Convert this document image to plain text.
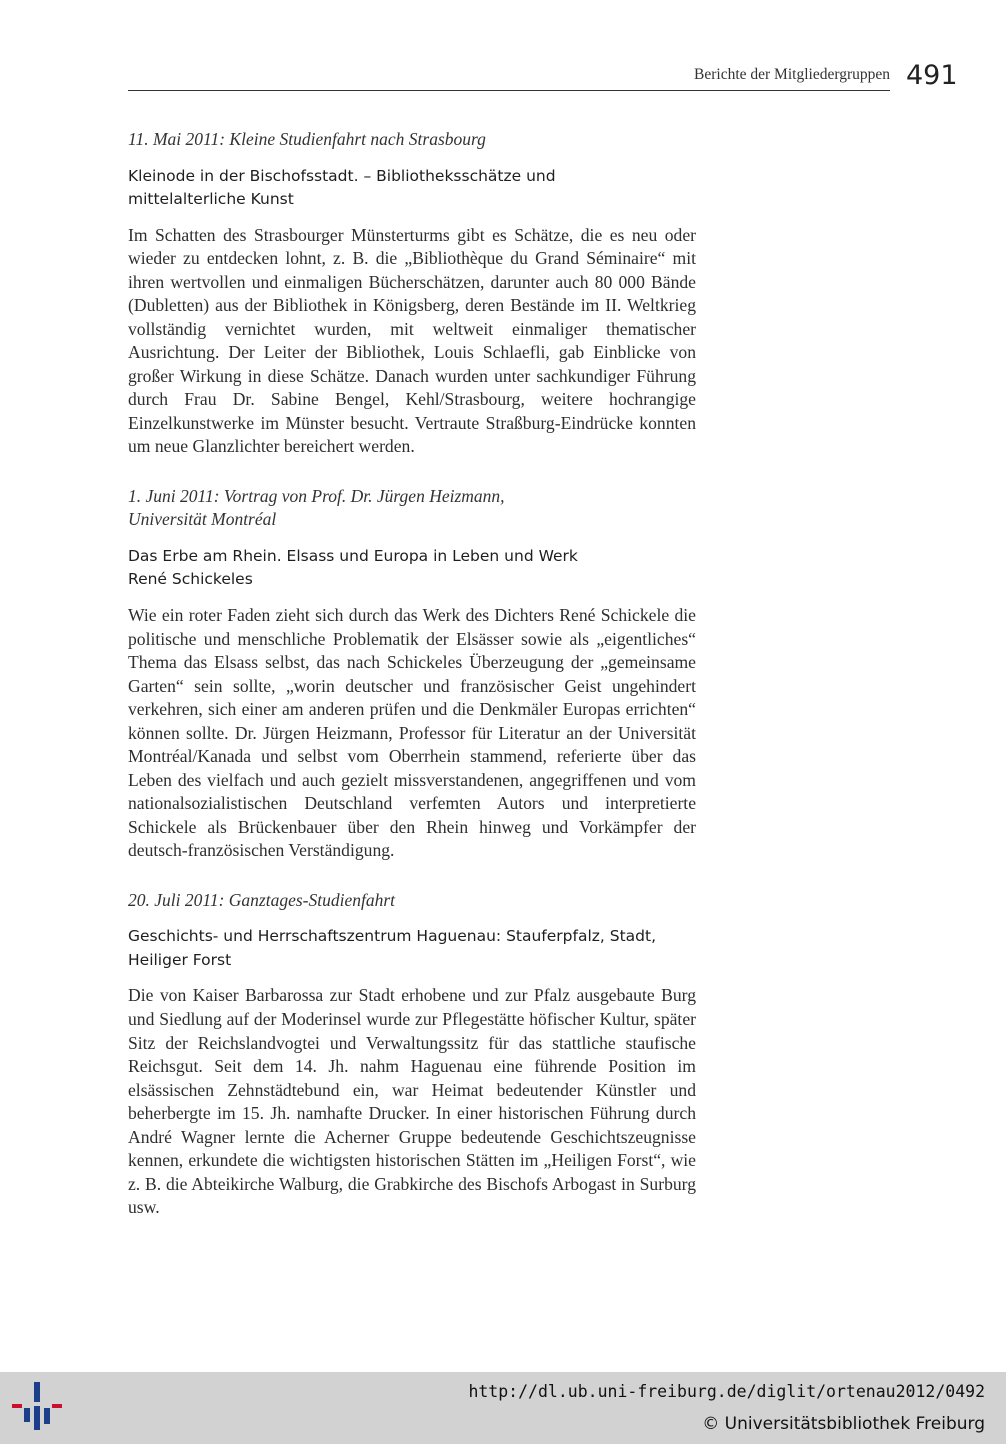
Berichte der Mitgliedergruppen 491

11. Mai 2011: Kleine Studienfahrt nach Strasbourg

Kleinode in der Bischofsstadt. – Bibliotheksschätze und
mittelalterliche Kunst

Im Schatten des Strasbourger Münsterturms gibt es Schätze, die es neu oder wieder zu entdecken lohnt, z. B. die „Bibliothèque du Grand Séminaire“ mit ihren wertvollen und einmaligen Bücherschätzen, darunter auch 80 000 Bände (Dubletten) aus der Bibliothek in Königsberg, deren Bestände im II. Weltkrieg vollständig vernichtet wurden, mit weltweit einmaliger thematischer Ausrichtung. Der Leiter der Bibliothek, Louis Schlaefli, gab Einblicke von großer Wirkung in diese Schätze. Danach wurden unter sachkundiger Führung durch Frau Dr. Sabine Bengel, Kehl/Strasbourg, weitere hochrangige Einzelkunstwerke im Münster besucht. Vertraute Straßburg-Eindrücke konnten um neue Glanzlichter bereichert werden.

1. Juni 2011: Vortrag von Prof. Dr. Jürgen Heizmann,
Universität Montréal

Das Erbe am Rhein. Elsass und Europa in Leben und Werk
René Schickeles

Wie ein roter Faden zieht sich durch das Werk des Dichters René Schickele die politische und menschliche Problematik der Elsässer sowie als „eigentliches“ Thema das Elsass selbst, das nach Schickeles Überzeugung der „gemeinsame Garten“ sein sollte, „worin deutscher und französischer Geist ungehindert verkehren, sich einer am anderen prüfen und die Denkmäler Europas errichten“ können sollte. Dr. Jürgen Heizmann, Professor für Literatur an der Universität Montréal/Kanada und selbst vom Oberrhein stammend, referierte über das Leben des vielfach und auch gezielt missverstandenen, angegriffenen und vom nationalsozialistischen Deutschland verfemten Autors und interpretierte Schickele als Brückenbauer über den Rhein hinweg und Vorkämpfer der deutsch-französischen Verständigung.

20. Juli 2011: Ganztages-Studienfahrt

Geschichts- und Herrschaftszentrum Haguenau: Stauferpfalz, Stadt,
Heiliger Forst

Die von Kaiser Barbarossa zur Stadt erhobene und zur Pfalz ausgebaute Burg und Siedlung auf der Moderinsel wurde zur Pflegestätte höfischer Kultur, später Sitz der Reichslandvogtei und Verwaltungssitz für das stattliche staufische Reichsgut. Seit dem 14. Jh. nahm Haguenau eine führende Position im elsässischen Zehnstädtebund ein, war Heimat bedeutender Künstler und beherbergte im 15. Jh. namhafte Drucker. In einer historischen Führung durch André Wagner lernte die Acherner Gruppe bedeutende Geschichtszeugnisse kennen, erkundete die wichtigsten historischen Stätten im „Heiligen Forst“, wie z. B. die Abteikirche Walburg, die Grabkirche des Bischofs Arbogast in Surburg usw.

http://dl.ub.uni-freiburg.de/diglit/ortenau2012/0492
© Universitätsbibliothek Freiburg
